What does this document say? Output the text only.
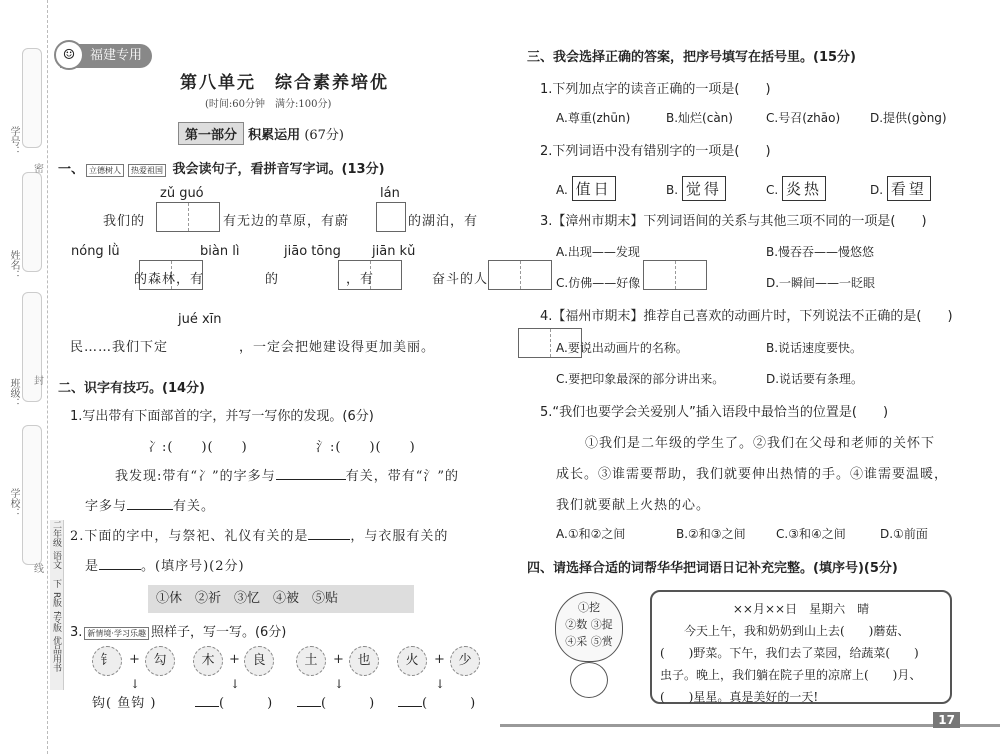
学号：
姓名：
班级：
学校：
密
封
线
二年级 语文 下 R版 f专版 优品用书
福建专用
☺
第八单元　综合素养培优
(时间:60分钟　满分:100分)
第一部分 积累运用 (67分)
一、 立德树人 热爱祖国 我会读句子，看拼音写字词。(13分)
zǔ guó	lán
我们的
	有无边的草原，有蔚	的湖泊，有
nóng lǜ	biàn lì	jiāo tōng jiān kǔ

的森林，有
	的
	，有
	奋斗的人
jué xīn
民……我们下定	，一定会把她建设得更加美丽。
二、识字有技巧。(14分)
1.写出带有下面部首的字，并写一写你的发现。(6分)
冫:(　　)(　　)	氵:(　　)(　　)
我发现:带有“冫”的字多与	有关，带有“氵”的
字多与	有关。
2.下面的字中，与祭祀、礼仪有关的是	，与衣服有关的
是	。(填序号)(2分)
①休　②祈　③忆　④被　⑤贴
3. 新情境·学习乐趣 照样子，写一写。(6分)
钅	+ 勾	木	+ 良	土	+ 也	火	+ 少
↓	↓	↓	↓
钩( 鱼钩 )	(　　　)	(　　　)	(　　　)
三、我会选择正确的答案，把序号填写在括号里。(15分)
1.下列加点字的读音正确的一项是(　　)
A.尊重(zhūn)	B.灿烂(càn)	C.号召(zhāo) D.提供(gòng)
2.下列词语中没有错别字的一项是(　　)
A. 值日	B. 觉得	C. 炎热	D. 看望
3.【漳州市期末】下列词语间的关系与其他三项不同的一项是(　　)
A.出现——发现	B.慢吞吞——慢悠悠
C.仿佛——好像	D.一瞬间——一眨眼
4.【福州市期末】推荐自己喜欢的动画片时，下列说法不正确的是(　　)
A.要说出动画片的名称。	B.说话速度要快。
C.要把印象最深的部分讲出来。	D.说话要有条理。
5.“我们也要学会关爱别人”插入语段中最恰当的位置是(　　)
①我们是二年级的学生了。②我们在父母和老师的关怀下
成长。③谁需要帮助，我们就要伸出热情的手。④谁需要温暖，
我们就要献上火热的心。
A.①和②之间	B.②和③之间	C.③和④之间	D.①前面
四、请选择合适的词帮华华把词语日记补充完整。(填序号)(5分)
①挖
②数 ③捉
④采 ⑤赏
××月××日　星期六　晴
今天上午，我和奶奶到山上去(　　)蘑菇、
(　　)野菜。下午，我们去了菜园，给蔬菜(　　)
虫子。晚上，我们躺在院子里的凉席上(　　)月、
(　　)星星。真是美好的一天!
17
